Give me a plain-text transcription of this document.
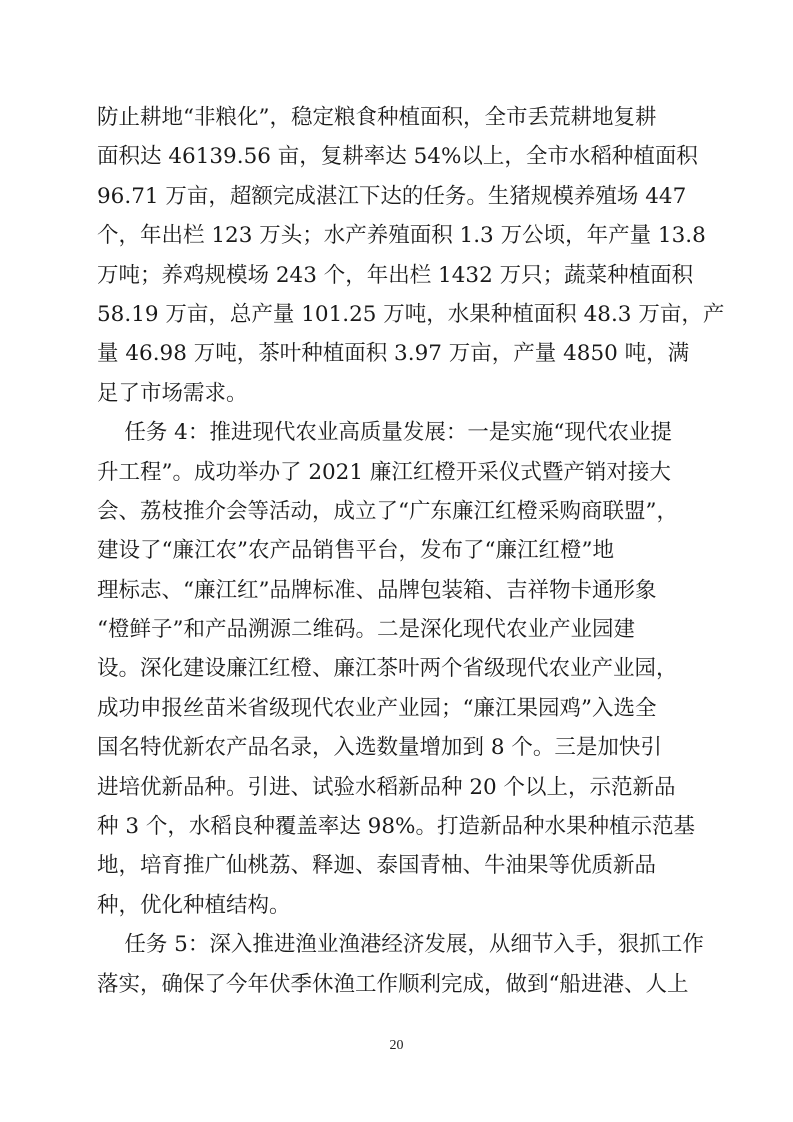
防止耕地“非粮化”，稳定粮食种植面积，全市丢荒耕地复耕
面积达 46139.56 亩，复耕率达 54%以上，全市水稻种植面积
96.71 万亩，超额完成湛江下达的任务。生猪规模养殖场 447
个，年出栏 123 万头；水产养殖面积 1.3 万公顷，年产量 13.8
万吨；养鸡规模场 243 个，年出栏 1432 万只；蔬菜种植面积
58.19 万亩，总产量 101.25 万吨，水果种植面积 48.3 万亩，产
量 46.98 万吨，茶叶种植面积 3.97 万亩，产量 4850 吨，满
足了市场需求。
任务 4：推进现代农业高质量发展：一是实施“现代农业提
升工程”。成功举办了 2021 廉江红橙开采仪式暨产销对接大
会、荔枝推介会等活动，成立了“广东廉江红橙采购商联盟”，
建设了“廉江农”农产品销售平台，发布了“廉江红橙”地
理标志、“廉江红”品牌标准、品牌包装箱、吉祥物卡通形象
“橙鲜子”和产品溯源二维码。二是深化现代农业产业园建
设。深化建设廉江红橙、廉江茶叶两个省级现代农业产业园，
成功申报丝苗米省级现代农业产业园；“廉江果园鸡”入选全
国名特优新农产品名录，入选数量增加到 8 个。三是加快引
进培优新品种。引进、试验水稻新品种 20 个以上，示范新品
种 3 个，水稻良种覆盖率达 98%。打造新品种水果种植示范基
地，培育推广仙桃荔、释迦、泰国青柚、牛油果等优质新品
种，优化种植结构。
任务 5：深入推进渔业渔港经济发展，从细节入手，狠抓工作
落实，确保了今年伏季休渔工作顺利完成，做到“船进港、人上
20
